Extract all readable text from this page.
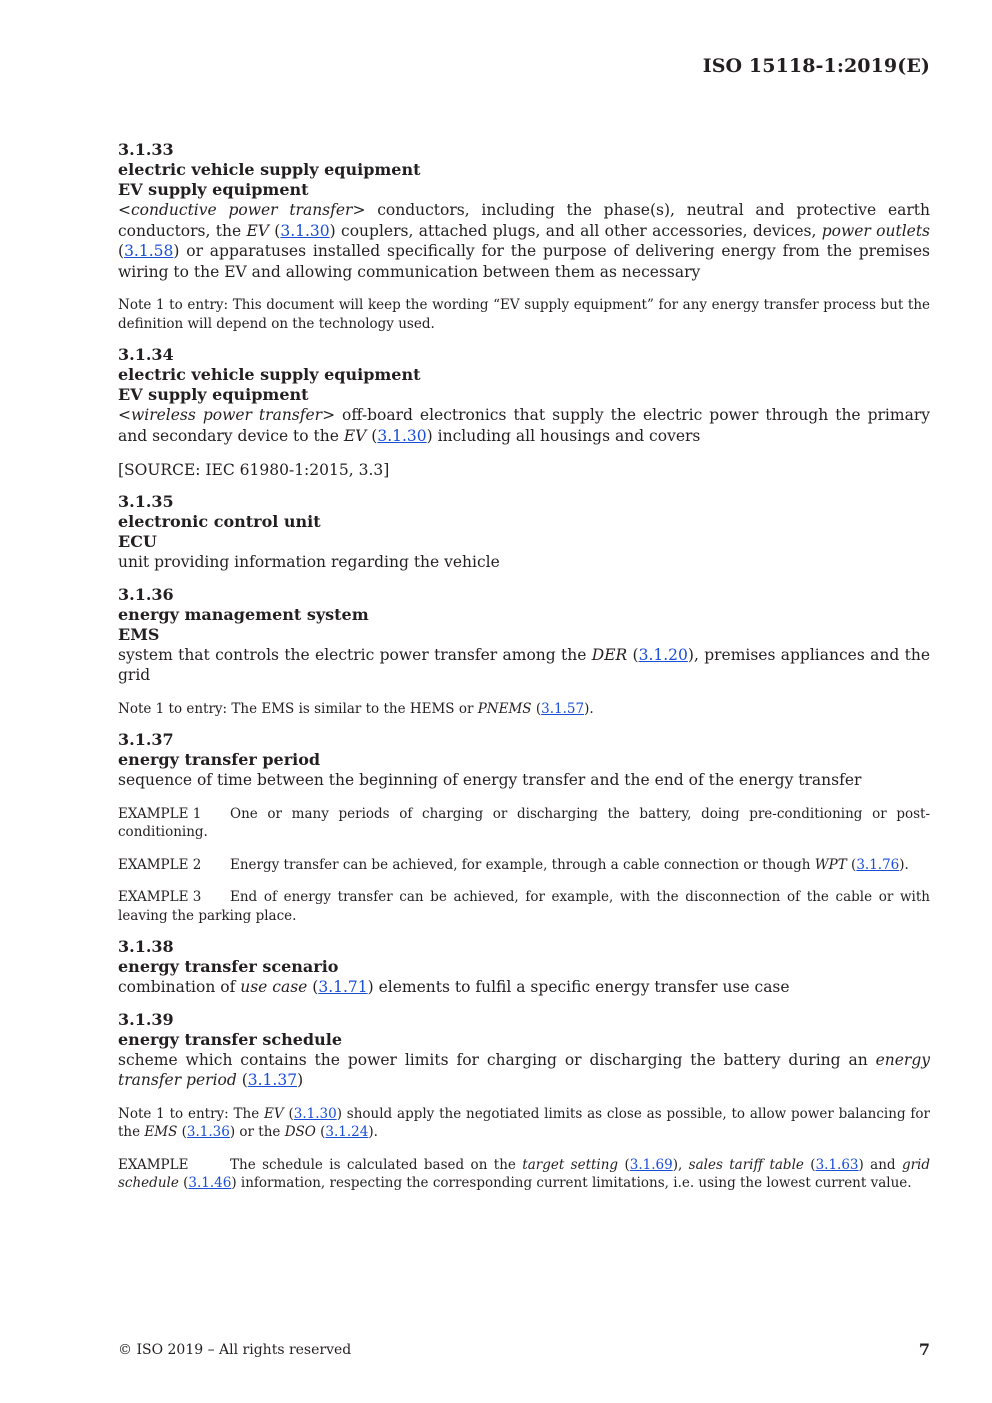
ISO 15118-1:2019(E)
3.1.33
electric vehicle supply equipment
EV supply equipment
<conductive power transfer> conductors, including the phase(s), neutral and protective earth conductors, the EV (3.1.30) couplers, attached plugs, and all other accessories, devices, power outlets (3.1.58) or apparatuses installed specifically for the purpose of delivering energy from the premises wiring to the EV and allowing communication between them as necessary
Note 1 to entry: This document will keep the wording “EV supply equipment” for any energy transfer process but the definition will depend on the technology used.
3.1.34
electric vehicle supply equipment
EV supply equipment
<wireless power transfer> off-board electronics that supply the electric power through the primary and secondary device to the EV (3.1.30) including all housings and covers
[SOURCE: IEC 61980-1:2015, 3.3]
3.1.35
electronic control unit
ECU
unit providing information regarding the vehicle
3.1.36
energy management system
EMS
system that controls the electric power transfer among the DER (3.1.20), premises appliances and the grid
Note 1 to entry: The EMS is similar to the HEMS or PNEMS (3.1.57).
3.1.37
energy transfer period
sequence of time between the beginning of energy transfer and the end of the energy transfer
EXAMPLE 1 One or many periods of charging or discharging the battery, doing pre-conditioning or post-conditioning.
EXAMPLE 2 Energy transfer can be achieved, for example, through a cable connection or though WPT (3.1.76).
EXAMPLE 3 End of energy transfer can be achieved, for example, with the disconnection of the cable or with leaving the parking place.
3.1.38
energy transfer scenario
combination of use case (3.1.71) elements to fulfil a specific energy transfer use case
3.1.39
energy transfer schedule
scheme which contains the power limits for charging or discharging the battery during an energy transfer period (3.1.37)
Note 1 to entry: The EV (3.1.30) should apply the negotiated limits as close as possible, to allow power balancing for the EMS (3.1.36) or the DSO (3.1.24).
EXAMPLE	The schedule is calculated based on the target setting (3.1.69), sales tariff table (3.1.63) and grid schedule (3.1.46) information, respecting the corresponding current limitations, i.e. using the lowest current value.
© ISO 2019 – All rights reserved	7
